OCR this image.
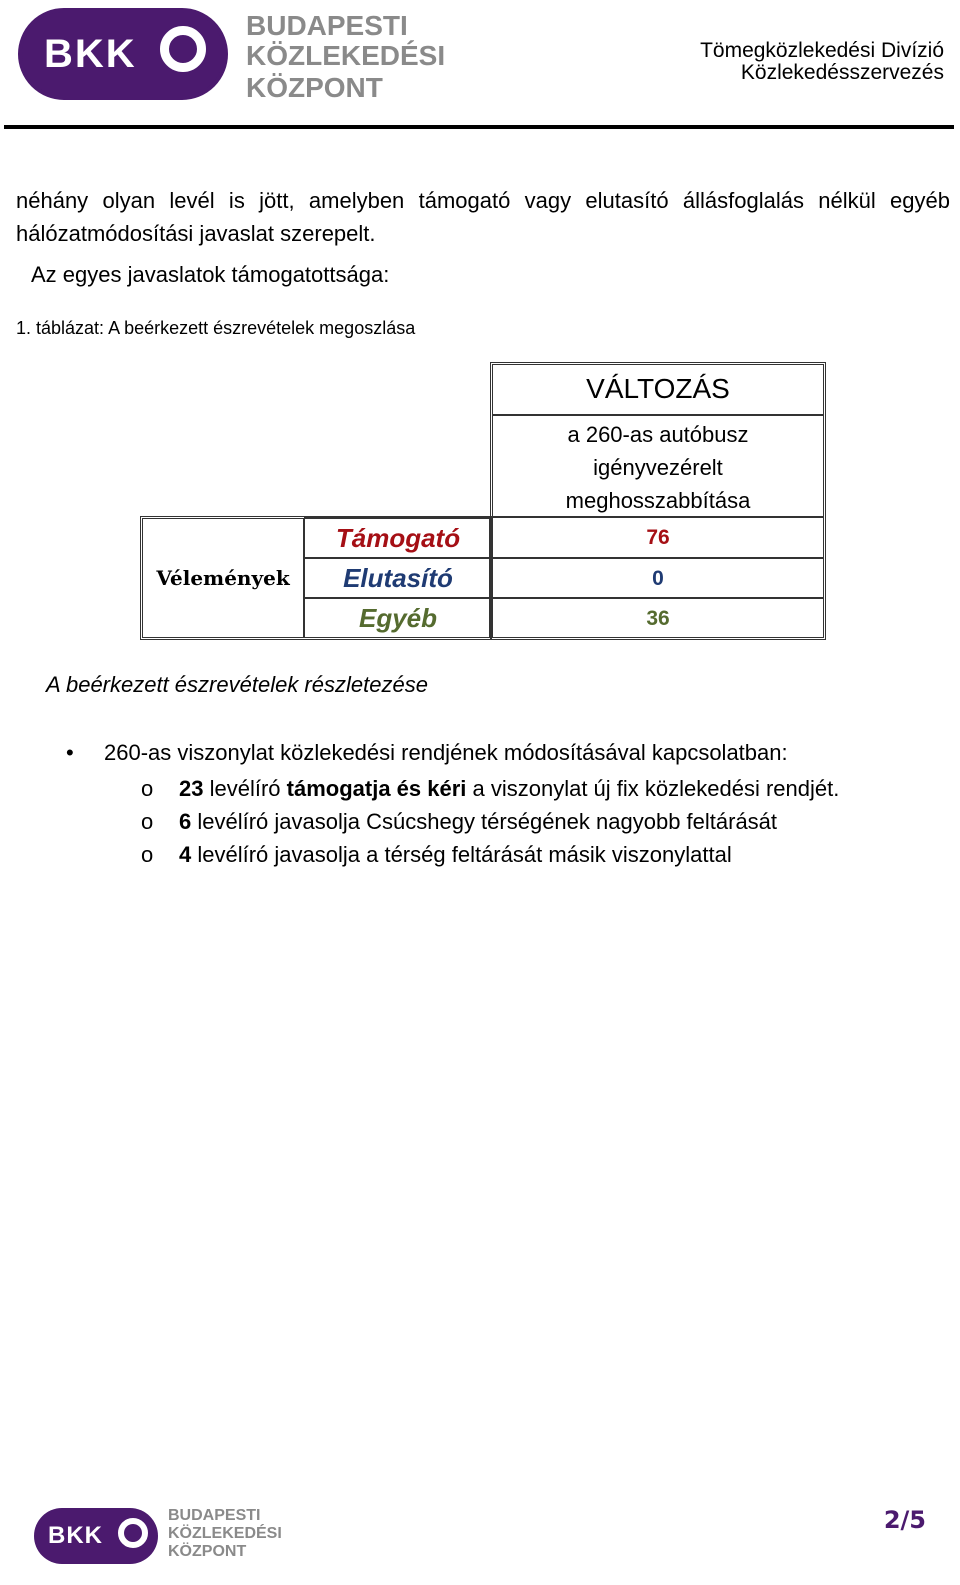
BKK
BUDAPESTI
KÖZLEKEDÉSI
KÖZPONT
Tömegközlekedési Divízió
Közlekedésszervezés
néhány olyan levél is jött, amelyben támogató vagy elutasító állásfoglalás nélkül egyéb hálózatmódosítási javaslat szerepelt.
Az egyes javaslatok támogatottsága:
1. táblázat: A beérkezett észrevételek megoszlása
VÁLTOZÁS
a 260-as autóbusz
igényvezérelt
meghosszabbítása
Vélemények
Támogató	76
Elutasító	0
Egyéb	36
A beérkezett észrevételek részletezése
•	260-as viszonylat közlekedési rendjének módosításával kapcsolatban:
o	23 levélíró támogatja és kéri a viszonylat új fix közlekedési rendjét.
o	6 levélíró javasolja Csúcshegy térségének nagyobb feltárását
o	4 levélíró javasolja a térség feltárását másik viszonylattal
BKK
BUDAPESTI
KÖZLEKEDÉSI
KÖZPONT
2/5
